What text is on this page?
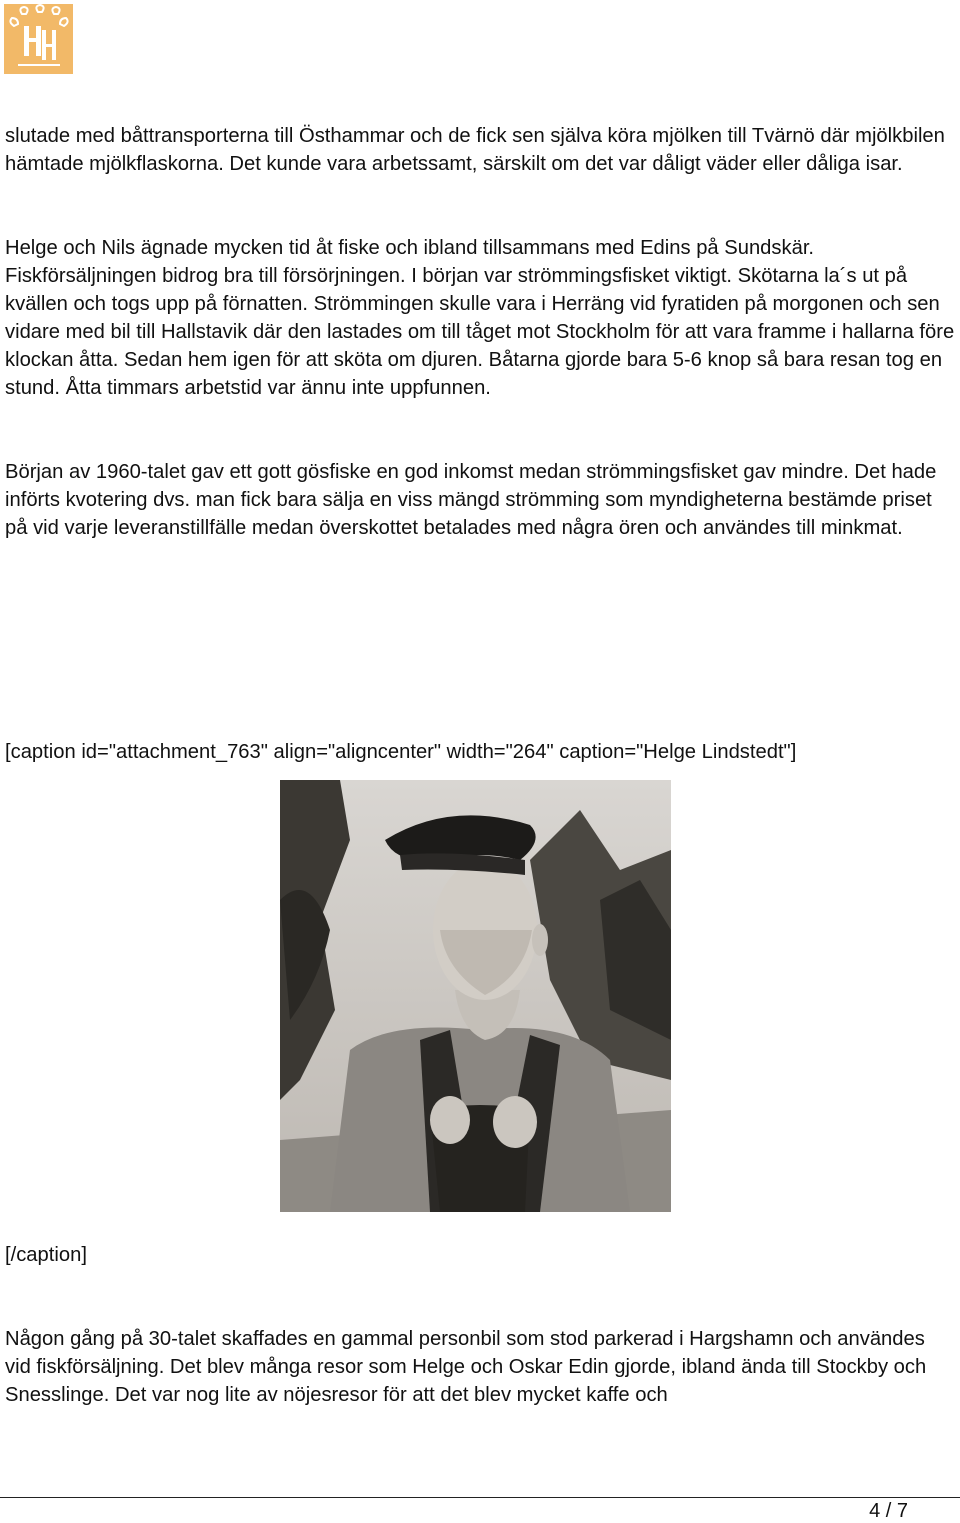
slutade med båttransporterna till Östhammar och de fick sen själva köra mjölken till Tvärnö där mjölkbilen hämtade mjölkflaskorna. Det kunde vara arbetssamt, särskilt om det var dåligt väder eller dåliga isar.

Helge och Nils ägnade mycken tid åt fiske och ibland tillsammans med Edins på Sundskär. Fiskförsäljningen bidrog bra till försörjningen. I början var strömmingsfisket viktigt. Skötarna la´s ut på kvällen och togs upp på förnatten. Strömmingen skulle vara i Herräng vid fyratiden på morgonen och sen vidare med bil till Hallstavik där den lastades om till tåget mot Stockholm för att vara framme i hallarna före klockan åtta. Sedan hem igen för att sköta om djuren. Båtarna gjorde bara 5-6 knop så bara resan tog en stund. Åtta timmars arbetstid var ännu inte uppfunnen.

Början av 1960-talet gav ett gott gösfiske en god inkomst medan strömmingsfisket gav mindre. Det hade införts kvotering dvs. man fick bara sälja en viss mängd strömming som myndigheterna bestämde priset på vid varje leveranstillfälle medan överskottet betalades med några ören och användes till minkmat.

[caption id="attachment_763" align="aligncenter" width="264" caption="Helge Lindstedt"]

[/caption]

Någon gång på 30-talet skaffades en gammal personbil som stod parkerad i Hargshamn och användes vid fiskförsäljning. Det blev många resor som Helge och Oskar Edin gjorde, ibland ända till Stockby och Snesslinge. Det var nog lite av nöjesresor för att det blev mycket kaffe och

4 / 7
